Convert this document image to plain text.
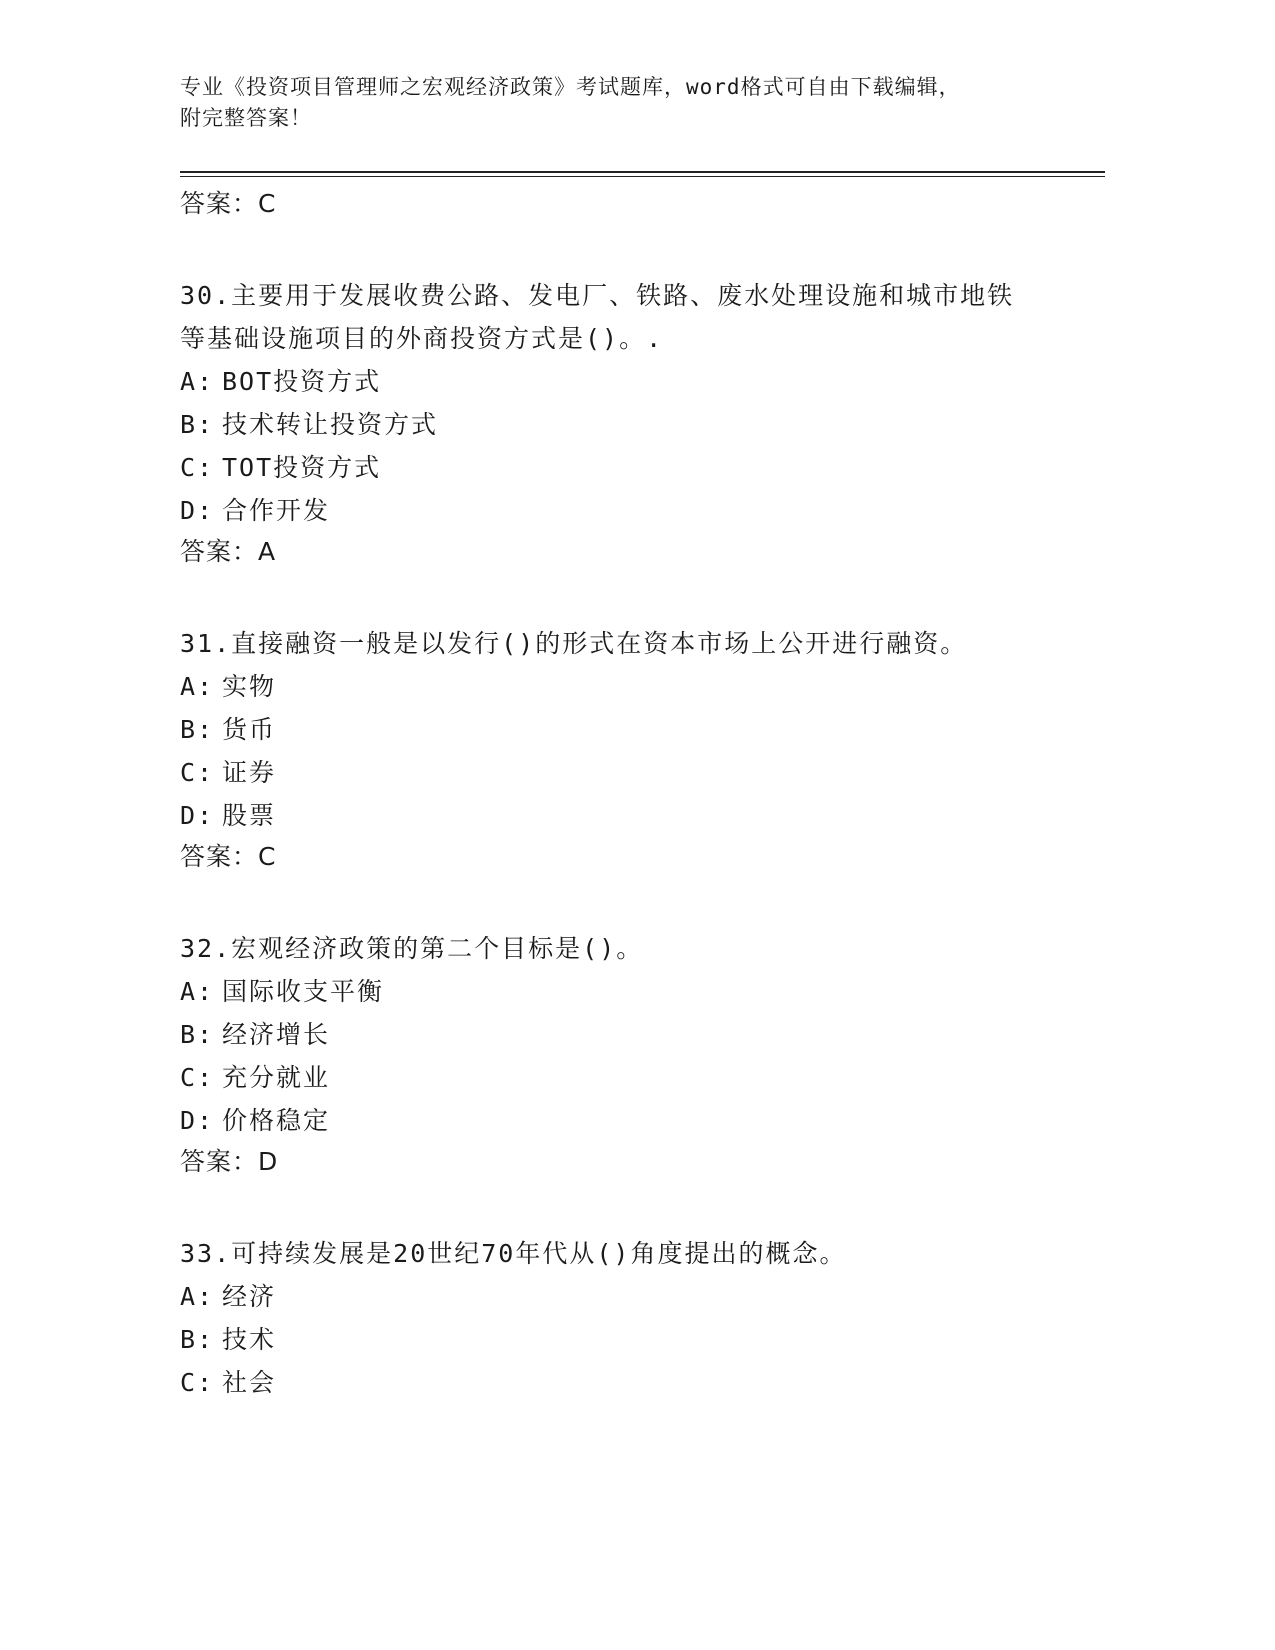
专业《投资项目管理师之宏观经济政策》考试题库，word格式可自由下载编辑，
附完整答案！

答案：C

30.主要用于发展收费公路、发电厂、铁路、废水处理设施和城市地铁

等基础设施项目的外商投资方式是()。.

A: BOT投资方式

B: 技术转让投资方式

C: TOT投资方式

D: 合作开发

答案：A

31.直接融资一般是以发行()的形式在资本市场上公开进行融资。

A: 实物

B: 货币

C: 证券

D: 股票

答案：C

32.宏观经济政策的第二个目标是()。

A: 国际收支平衡

B: 经济增长

C: 充分就业

D: 价格稳定

答案：D

33.可持续发展是20世纪70年代从()角度提出的概念。

A: 经济

B: 技术

C: 社会
